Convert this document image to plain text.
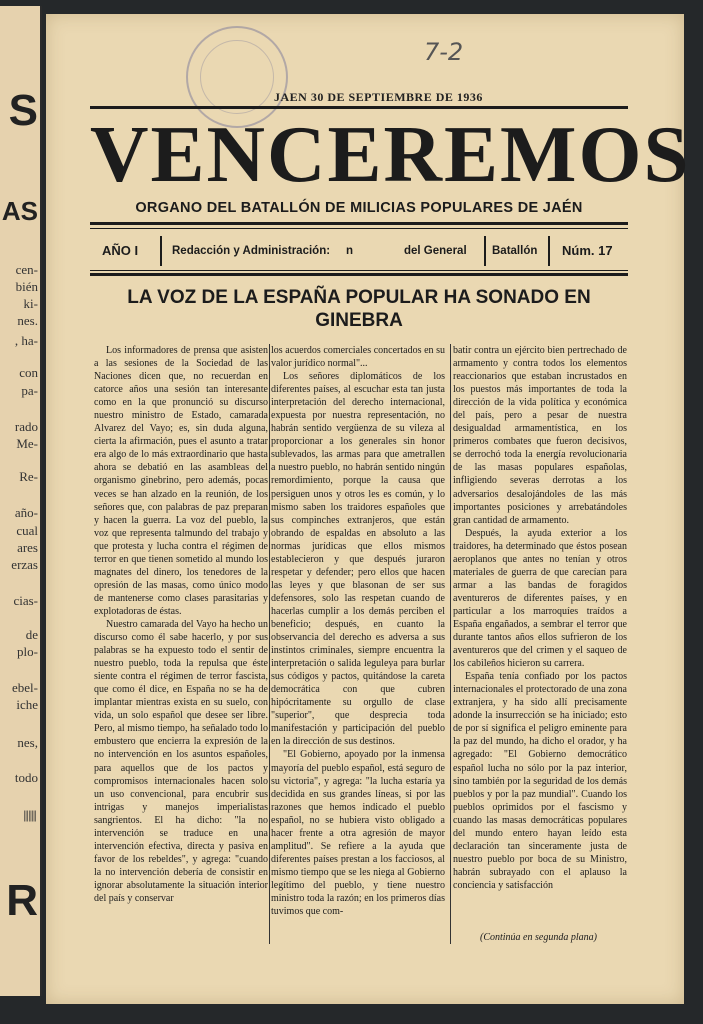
S
AS
cen-
bién
ki-
nes.
, ha-
con
pa-
rado
Me-
Re-
año-
cual
ares
erzas
cias-
de
plo-
ebel-
iche
nes,
todo
||||||||
R
7-2
JAEN 30 DE SEPTIEMBRE DE 1936
VENCEREMOS
ORGANO DEL BATALLÓN DE MILICIAS POPULARES DE JAÉN
AÑO I	Redacción y Administración: n	del General Batallón Núm. 17
LA VOZ DE LA ESPAÑA POPULAR HA SONADO EN GINEBRA

Los informadores de prensa que asisten a las sesiones de la Sociedad de las Naciones dicen que, no recuerdan en catorce años una sesión tan interesante como en la que pronunció su discurso nuestro ministro de Estado, camarada Alvarez del Vayo; es, sin duda alguna, cierta la afirmación, pues el asunto a tratar era algo de lo más extraordinario que hasta ahora se debatió en las asambleas del organismo ginebrino, pero además, pocas veces se han alzado en la reunión, de los señores que, con palabras de paz preparan y hacen la guerra. La voz del pueblo, la voz que representa talmundo del trabajo y que protesta y lucha contra el régimen de terror en que tienen sometido al mundo los magnates del dinero, los tenedores de la opresión de las masas, como único modo de mantenerse como clases parasitarias y explotadoras de éstas.

Nuestro camarada del Vayo ha hecho un discurso como él sabe hacerlo, y por sus palabras se ha expuesto todo el sentir de nuestro pueblo, toda la repulsa que éste siente contra el régimen de terror fascista, que como él dice, en España no se ha de implantar mientras exista en su suelo, con vida, un solo español que desee ser libre. Pero, al mismo tiempo, ha señalado todo lo embustero que encierra la expresión de la no intervención en los asuntos españoles, para aquellos que de los pactos y compromisos internacionales hacen solo un uso convencional, para encubrir sus intrigas y manejos imperialistas sangrientos. El ha dicho: "la no intervención se traduce en una intervención efectiva, directa y pasiva en favor de los rebeldes", y agrega: "cuando la no intervención debería de consistir en ignorar absolutamente la situación interior del país y conservar

los acuerdos comerciales concertados en su valor jurídico normal"...

Los señores diplomáticos de los diferentes países, al escuchar esta tan justa interpretación del derecho internacional, expuesta por nuestra representación, no habrán sentido vergüenza de su vileza al proporcionar a los generales sin honor sublevados, las armas para que ametrallen a nuestro pueblo, no habrán sentido ningún remordimiento, porque la causa que persiguen unos y otros les es común, y lo mismo saben los traidores españoles que sus compinches extranjeros, que están obrando de espaldas en absoluto a las normas jurídicas que ellos mismos establecieron y que después juraron respetar y defender; pero ellos que hacen las leyes y que blasonan de ser sus defensores, solo las respetan cuando de hacerlas cumplir a los demás perciben el beneficio; después, en cuanto la observancia del derecho es adversa a sus instintos criminales, siempre encuentra la interpretación o salida leguleya para burlar sus códigos y pactos, quitándose la careta democrática con que cubren hipócritamente su orgullo de clase "superior", que desprecia toda manifestación y participación del pueblo en la dirección de sus destinos.

"El Gobierno, apoyado por la inmensa mayoría del pueblo español, está seguro de su victoria", y agrega: "la lucha estaría ya decidida en sus grandes líneas, si por las razones que hemos indicado el pueblo español, no se hubiera visto obligado a hacer frente a otra agresión de mayor amplitud". Se refiere a la ayuda que diferentes países prestan a los facciosos, al mismo tiempo que se les niega al Gobierno legítimo del pueblo, y tiene nuestro ministro toda la razón; en los primeros días tuvimos que com-

batir contra un ejército bien pertrechado de armamento y contra todos los elementos reaccionarios que estaban incrustados en los puestos más importantes de toda la dirección de la vida política y económica del país, pero a pesar de nuestra desigualdad armamentística, en los primeros combates que fueron decisivos, se derrochó toda la energía revolucionaria de las masas populares españolas, infligiendo severas derrotas a los adversarios desalojándoles de las más importantes posiciones y arrebatándoles gran cantidad de armamento.

Después, la ayuda exterior a los traidores, ha determinado que éstos posean aeroplanos que antes no tenían y otros materiales de guerra de que carecían para armar a las bandas de foragidos aventureros de diferentes países, y en particular a los marroquíes traídos a España engañados, a sembrar el terror que durante tantos años ellos sufrieron de los aventureros que del crimen y el saqueo de los cabileños hicieron su carrera.

España tenía confiado por los pactos internacionales el protectorado de una zona extranjera, y ha sido allí precisamente adonde la insurrección se ha iniciado; esto de por sí significa el peligro eminente para la paz del mundo, ha dicho el orador, y ha agregado: "El Gobierno democrático español lucha no sólo por la paz interior, sino también por la seguridad de los demás pueblos y por la paz mundial". Cuando los pueblos oprimidos por el fascismo y cuando las masas democráticas populares del mundo entero hayan leído esta declaración tan sinceramente justa de nuestro pueblo por boca de su Ministro, habrán subrayado con el aplauso la conciencia y satisfacción

(Continúa en segunda plana)
